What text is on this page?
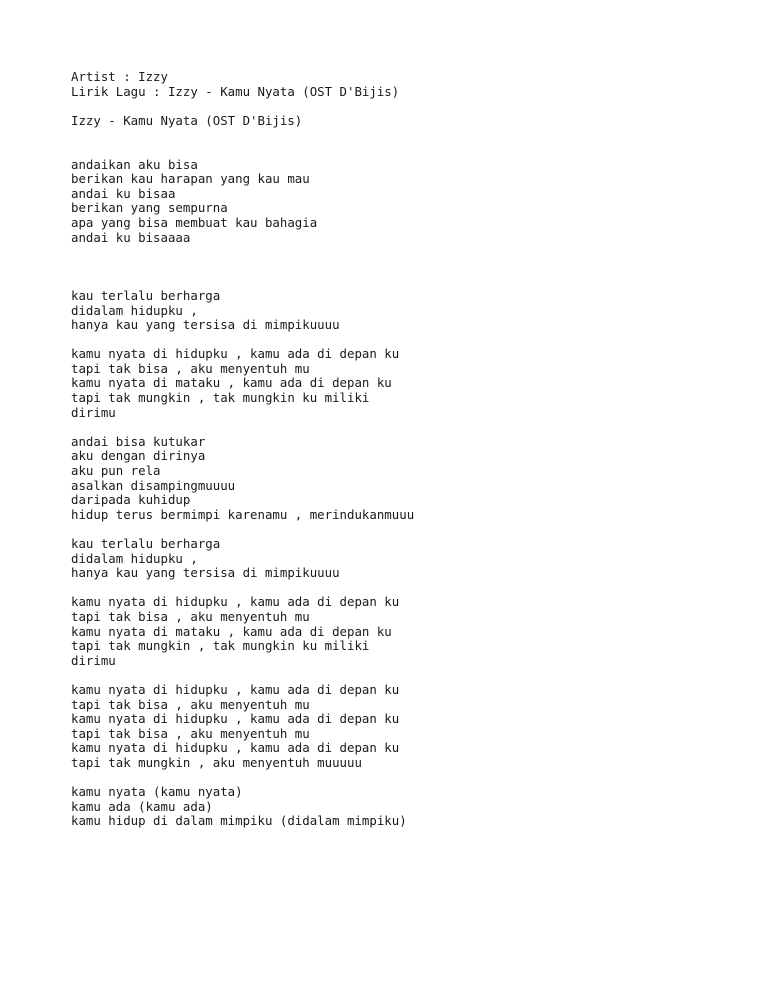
Artist : Izzy
Lirik Lagu : Izzy - Kamu Nyata (OST D'Bijis)
Izzy - Kamu Nyata (OST D'Bijis)
andaikan aku bisa
berikan kau harapan yang kau mau
andai ku bisaa
berikan yang sempurna
apa yang bisa membuat kau bahagia
andai ku bisaaaa
kau terlalu berharga
didalam hidupku ,
hanya kau yang tersisa di mimpikuuuu
kamu nyata di hidupku , kamu ada di depan ku
tapi tak bisa , aku menyentuh mu
kamu nyata di mataku , kamu ada di depan ku
tapi tak mungkin , tak mungkin ku miliki
dirimu
andai bisa kutukar
aku dengan dirinya
aku pun rela
asalkan disampingmuuuu
daripada kuhidup
hidup terus bermimpi karenamu , merindukanmuuu
kau terlalu berharga
didalam hidupku ,
hanya kau yang tersisa di mimpikuuuu
kamu nyata di hidupku , kamu ada di depan ku
tapi tak bisa , aku menyentuh mu
kamu nyata di mataku , kamu ada di depan ku
tapi tak mungkin , tak mungkin ku miliki
dirimu
kamu nyata di hidupku , kamu ada di depan ku
tapi tak bisa , aku menyentuh mu
kamu nyata di hidupku , kamu ada di depan ku
tapi tak bisa , aku menyentuh mu
kamu nyata di hidupku , kamu ada di depan ku
tapi tak mungkin , aku menyentuh muuuuu
kamu nyata (kamu nyata)
kamu ada (kamu ada)
kamu hidup di dalam mimpiku (didalam mimpiku)
